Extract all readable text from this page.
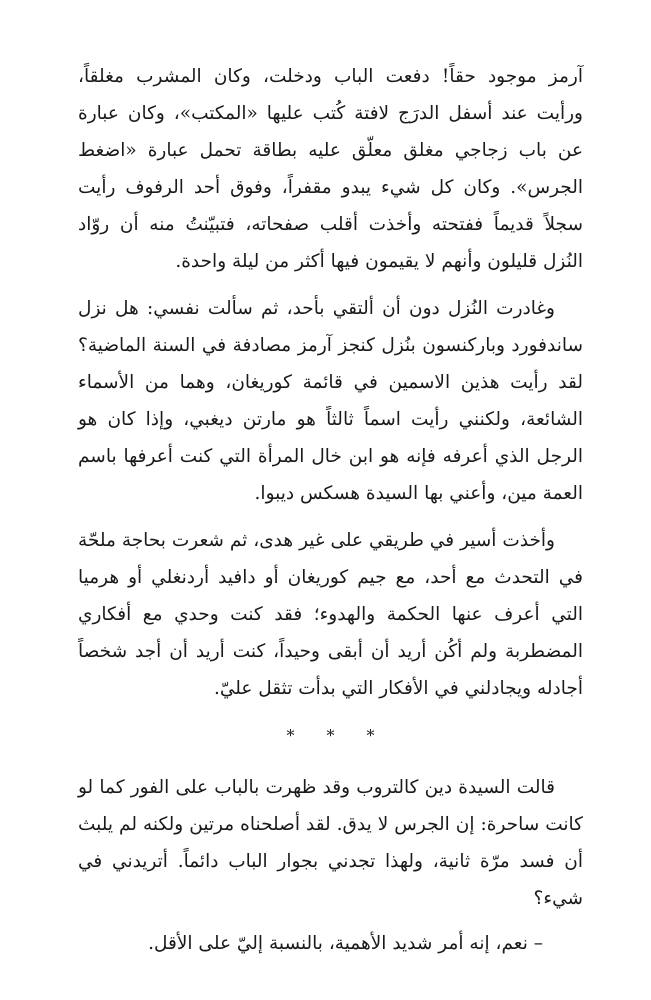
آرمز موجود حقاً! دفعت الباب ودخلت، وكان المشرب مغلقاً، ورأيت عند أسفل الدرَج لافتة كُتب عليها «المكتب»، وكان عبارة عن باب زجاجي مغلق معلّق عليه بطاقة تحمل عبارة «اضغط الجرس». وكان كل شيء يبدو مقفراً، وفوق أحد الرفوف رأيت سجلاً قديماً ففتحته وأخذت أقلب صفحاته، فتبيّنتُ منه أن روّاد النُزل قليلون وأنهم لا يقيمون فيها أكثر من ليلة واحدة.

وغادرت النُزل دون أن ألتقي بأحد، ثم سألت نفسي: هل نزل ساندفورد وباركنسون بنُزل كنجز آرمز مصادفة في السنة الماضية؟ لقد رأيت هذين الاسمين في قائمة كوريغان، وهما من الأسماء الشائعة، ولكنني رأيت اسماً ثالثاً هو مارتن ديغبي، وإذا كان هو الرجل الذي أعرفه فإنه هو ابن خال المرأة التي كنت أعرفها باسم العمة مين، وأعني بها السيدة هسكس ديبوا.

وأخذت أسير في طريقي على غير هدى، ثم شعرت بحاجة ملحّة في التحدث مع أحد، مع جيم كوريغان أو دافيد أردنغلي أو هرميا التي أعرف عنها الحكمة والهدوء؛ فقد كنت وحدي مع أفكاري المضطربة ولم أكُن أريد أن أبقى وحيداً، كنت أريد أن أجد شخصاً أجادله ويجادلني في الأفكار التي بدأت تثقل عليّ.

***

قالت السيدة دين كالتروب وقد ظهرت بالباب على الفور كما لو كانت ساحرة: إن الجرس لا يدق. لقد أصلحناه مرتين ولكنه لم يلبث أن فسد مرّة ثانية، ولهذا تجدني بجوار الباب دائماً. أتريدني في شيء؟

– نعم، إنه أمر شديد الأهمية، بالنسبة إليّ على الأقل.
